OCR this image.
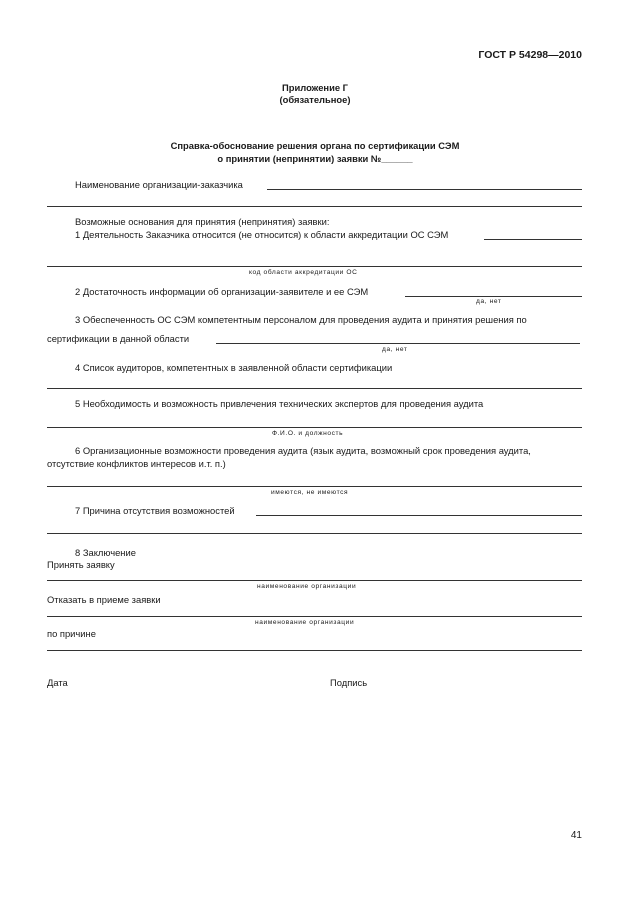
ГОСТ Р 54298—2010
Приложение Г
(обязательное)
Справка-обоснование решения органа по сертификации СЭМ
о принятии (непринятии) заявки №______
Наименование организации-заказчика
Возможные основания для принятия (непринятия) заявки:
1 Деятельность Заказчика относится (не относится) к области аккредитации ОС СЭМ
код области аккредитации ОС
2 Достаточность информации об организации-заявителе и ее СЭМ
да, нет
3 Обеспеченность ОС СЭМ компетентным персоналом для проведения аудита и принятия решения по
сертификации в данной области
да, нет
4 Список аудиторов, компетентных в заявленной области сертификации
5 Необходимость и возможность привлечения технических экспертов для проведения аудита
Ф.И.О. и должность
6 Организационные возможности проведения аудита (язык аудита, возможный срок проведения аудита,
отсутствие конфликтов интересов и.т. п.)
имеются, не имеются
7 Причина отсутствия возможностей
8 Заключение
Принять заявку
наименование организации
Отказать в приеме заявки
наименование организации
по причине
Дата	Подпись
41
